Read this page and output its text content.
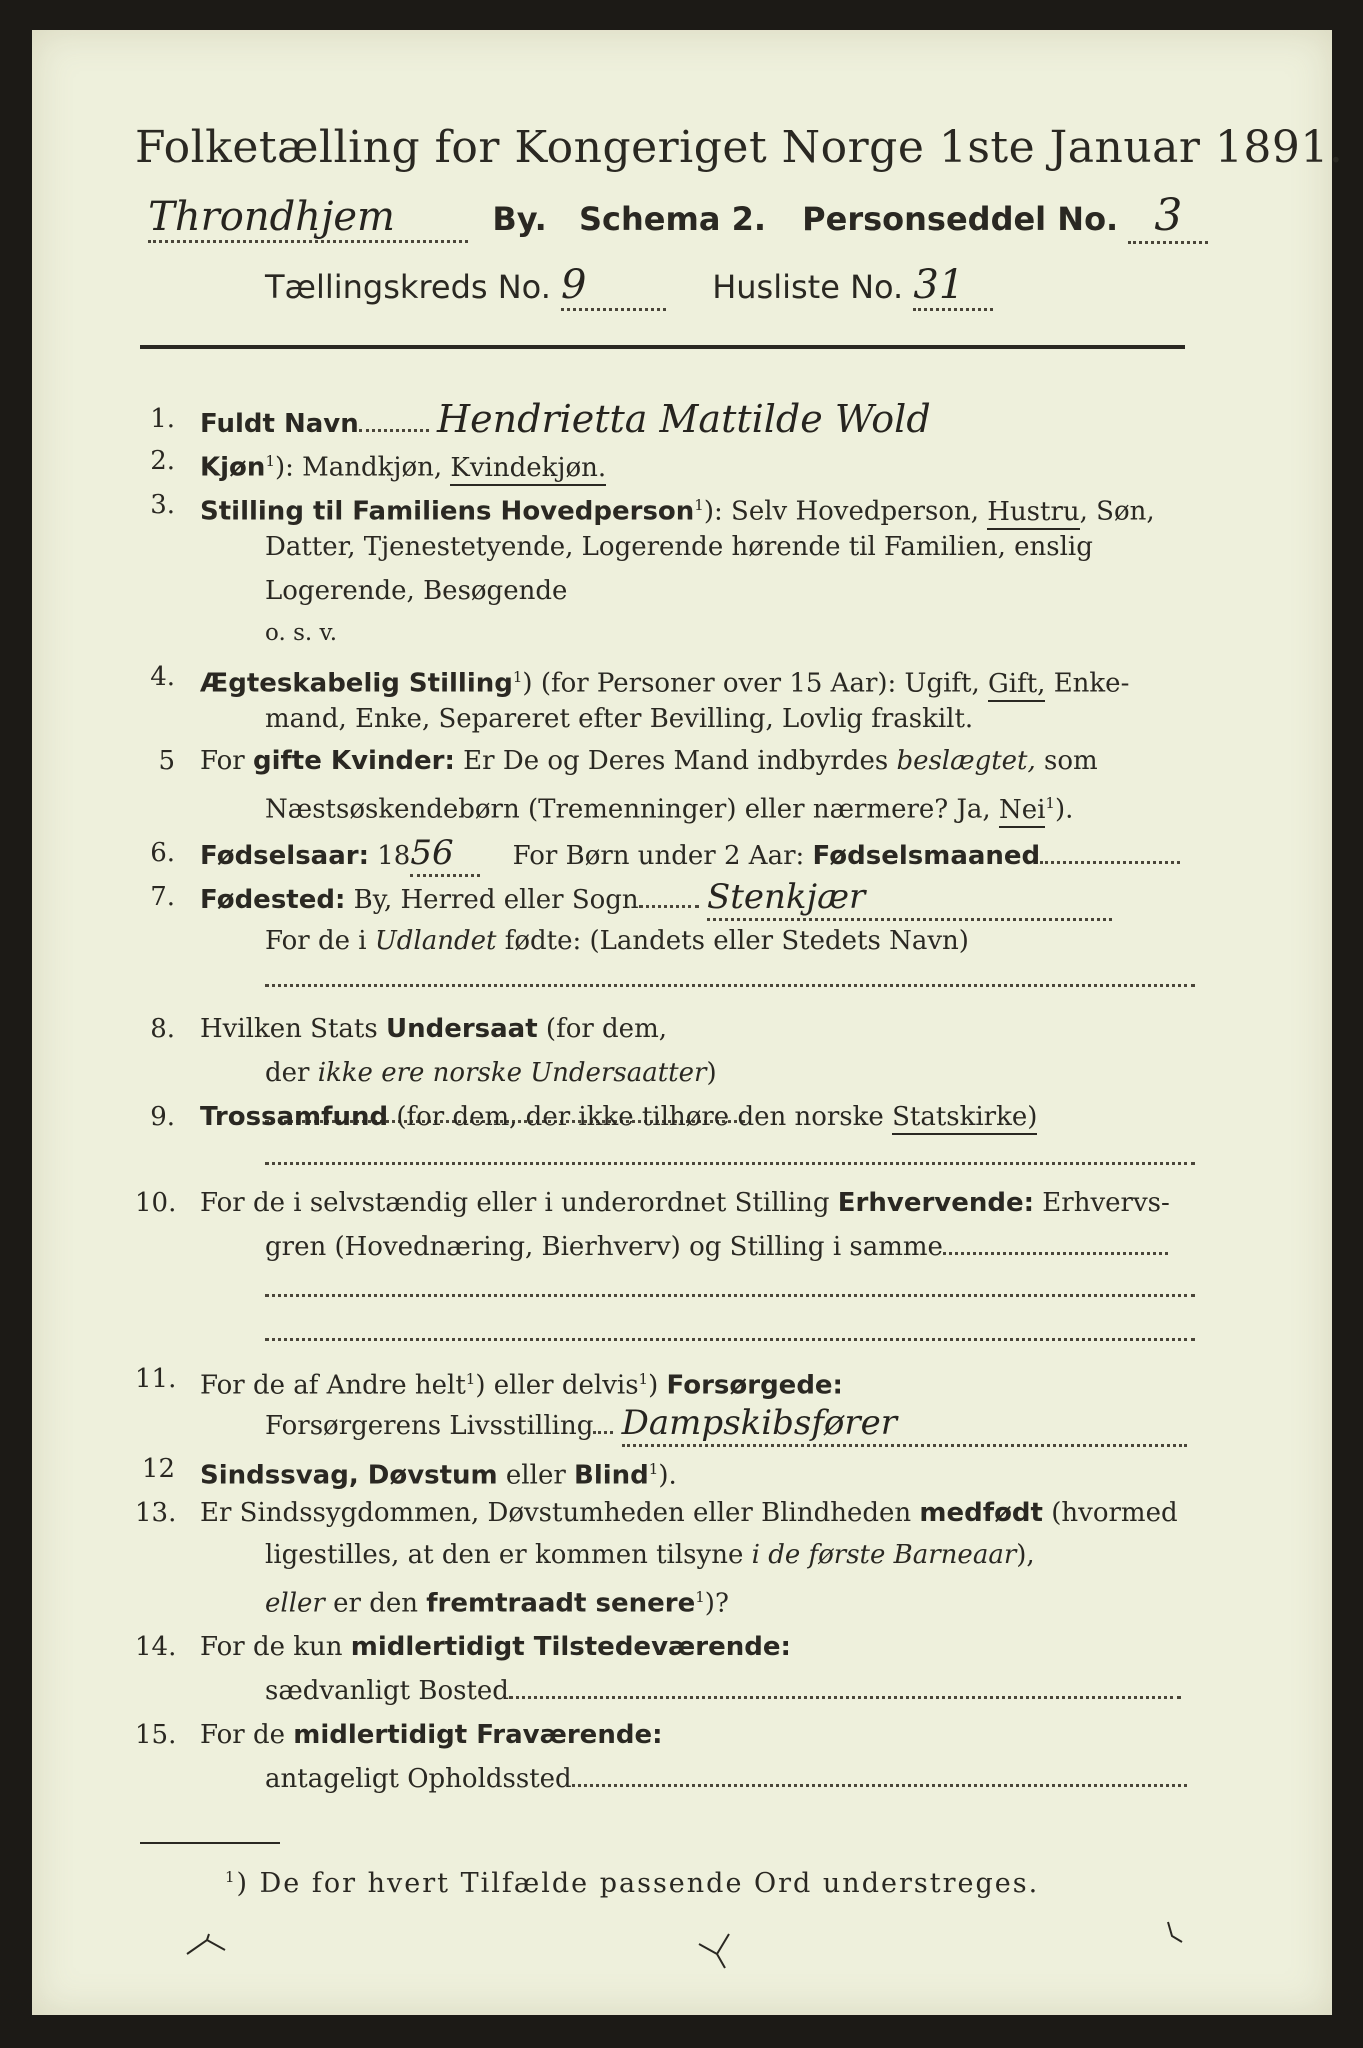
Folketælling for Kongeriget Norge 1ste Januar 1891.
Throndhjem	By. Schema 2. Personseddel No. 3
Tællingskreds No. 9	Husliste No. 31
1. Fuldt Navn Hendrietta Mattilde Wold
2. Kjøn$^1$): Mandkjøn, Kvindekjøn.
3. Stilling til Familiens Hovedperson$^1$): Selv Hovedperson, Hustru, Søn,
Datter, Tjenestetyende, Logerende hørende til Familien, enslig
Logerende, Besøgende
o. s. v.
4. Ægteskabelig Stilling$^1$) (for Personer over 15 Aar): Ugift, Gift, Enke-
mand, Enke, Separeret efter Bevilling, Lovlig fraskilt.
5 For gifte Kvinder: Er De og Deres Mand indbyrdes beslægtet, som
Næstsøskendebørn (Tremenninger) eller nærmere? Ja, Nei$^1$).
6. Fødselsaar: 1856 For Børn under 2 Aar: Fødselsmaaned
7. Fødested: By, Herred eller Sogn Stenkjær
For de i Udlandet fødte: (Landets eller Stedets Navn)
8. Hvilken Stats Undersaat (for dem,
der ikke ere norske Undersaatter)
9. Trossamfund (for dem, der ikke tilhøre den norske Statskirke)
10. For de i selvstændig eller i underordnet Stilling Erhvervende: Erhvervs-
gren (Hovednæring, Bierhverv) og Stilling i samme
11. For de af Andre helt$^1$) eller delvis$^1$) Forsørgede:
Forsørgerens Livsstilling Dampskibsfører
12 Sindssvag, Døvstum eller Blind$^1$).
13. Er Sindssygdommen, Døvstumheden eller Blindheden medfødt (hvormed
ligestilles, at den er kommen tilsyne i de første Barneaar),
eller er den fremtraadt senere$^1$)?
14. For de kun midlertidigt Tilstedeværende:
sædvanligt Bosted
15. For de midlertidigt Fraværende:
antageligt Opholdssted
$^1$) De for hvert Tilfælde passende Ord understreges.
